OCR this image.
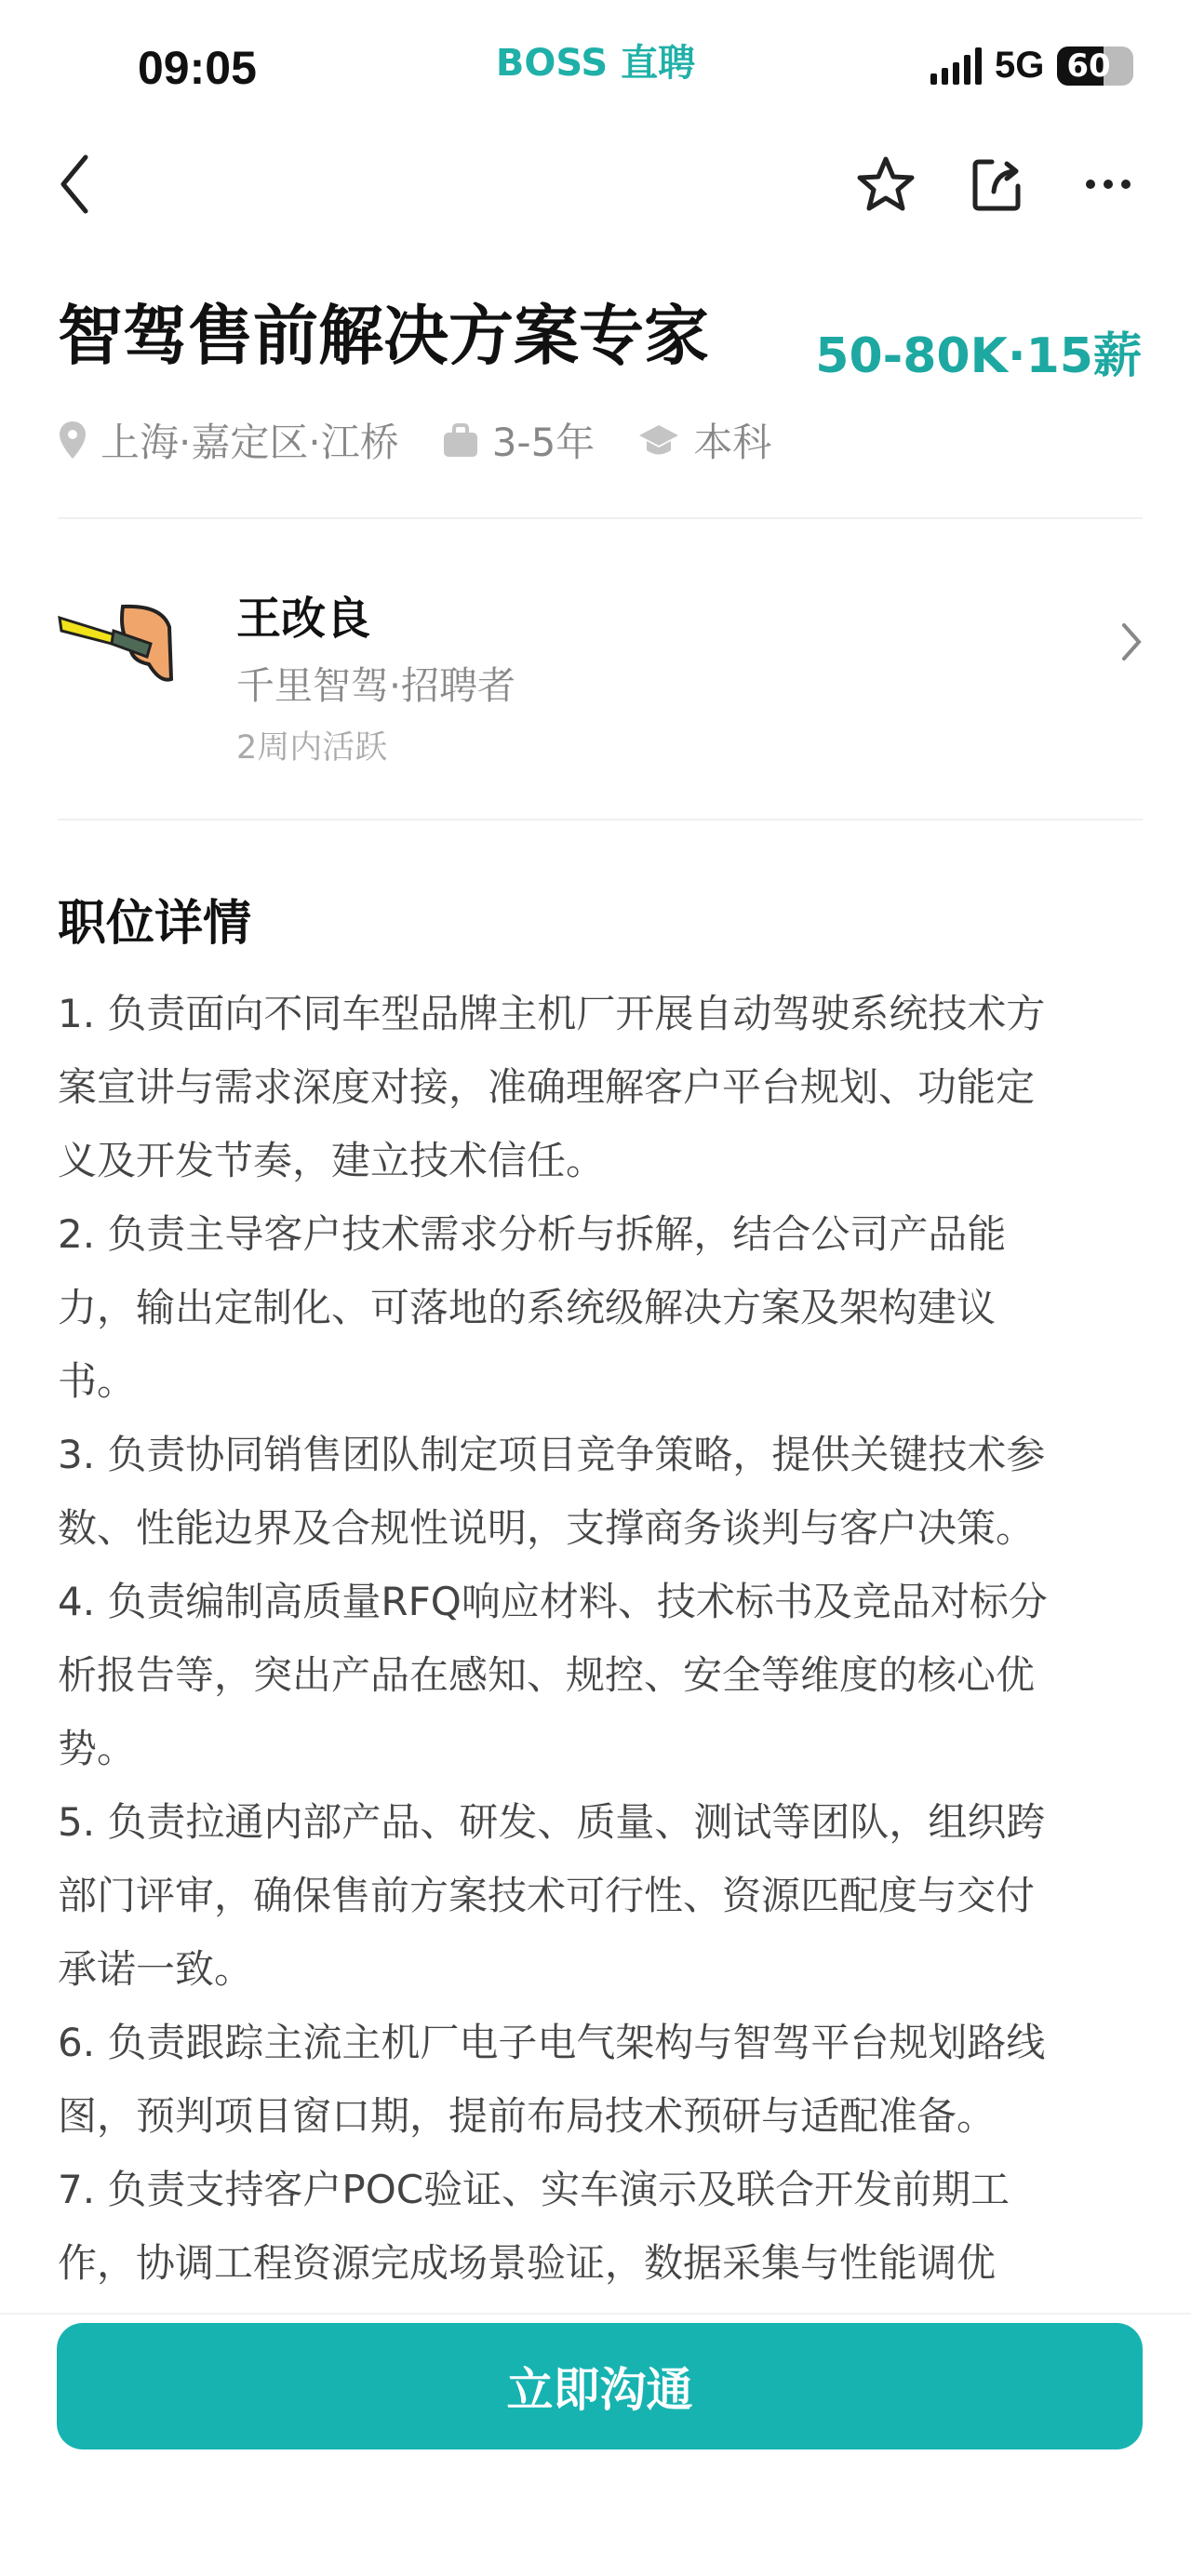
09:05	BOSS 直聘	5G 60
智驾售前解决方案专家 50-80K·15薪
上海·嘉定区·江桥 3-5年	本科
王改良
千里智驾·招聘者
2周内活跃
职位详情
1. 负责面向不同车型品牌主机厂开展自动驾驶系统技术方
案宣讲与需求深度对接，准确理解客户平台规划、功能定
义及开发节奏，建立技术信任。
2. 负责主导客户技术需求分析与拆解，结合公司产品能
力，输出定制化、可落地的系统级解决方案及架构建议
书。
3. 负责协同销售团队制定项目竞争策略，提供关键技术参
数、性能边界及合规性说明，支撑商务谈判与客户决策。
4. 负责编制高质量RFQ响应材料、技术标书及竞品对标分
析报告等，突出产品在感知、规控、安全等维度的核心优
势。
5. 负责拉通内部产品、研发、质量、测试等团队，组织跨
部门评审，确保售前方案技术可行性、资源匹配度与交付
承诺一致。
6. 负责跟踪主流主机厂电子电气架构与智驾平台规划路线
图，预判项目窗口期，提前布局技术预研与适配准备。
7. 负责支持客户POC验证、实车演示及联合开发前期工
作，协调工程资源完成场景验证，数据采集与性能调优
立即沟通
